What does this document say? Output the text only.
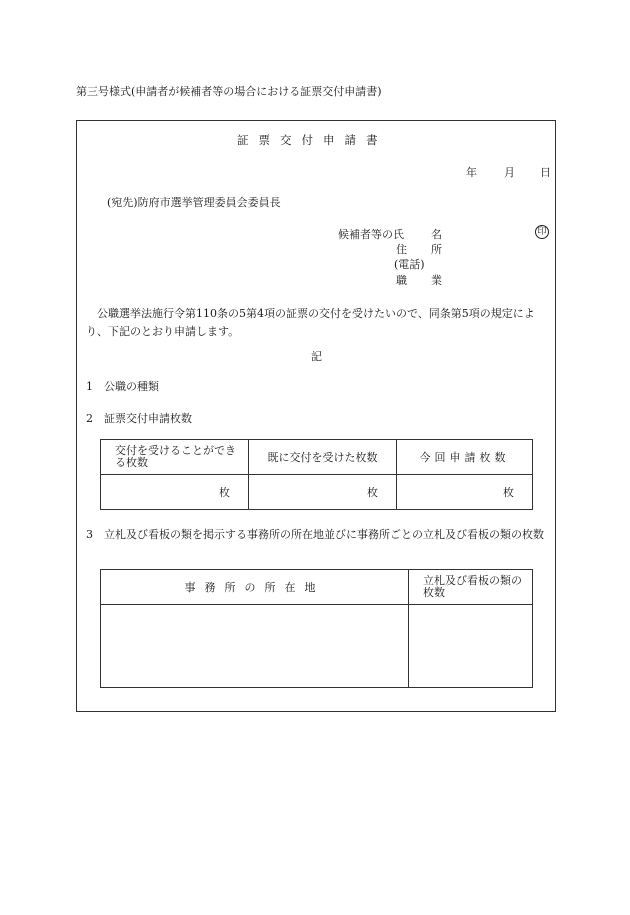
第三号様式(申請者が候補者等の場合における証票交付申請書)
証票交付申請書
年 月 日
(宛先)防府市選挙管理委員会委員長
候補者等の氏 名	印
住 所
(電話)
職 業
公職選挙法施行令第110条の5第4項の証票の交付を受けたいので、同条第5項の規定により、下記のとおり申請します。
記
1　公職の種類
2　証票交付申請枚数
交付を受けることができる枚数	既に交付を受けた枚数	今回申請枚数
枚	枚	枚
3　立札及び看板の類を掲示する事務所の所在地並びに事務所ごとの立札及び看板の類の枚数
事務所の所在地	立札及び看板の類の枚数
